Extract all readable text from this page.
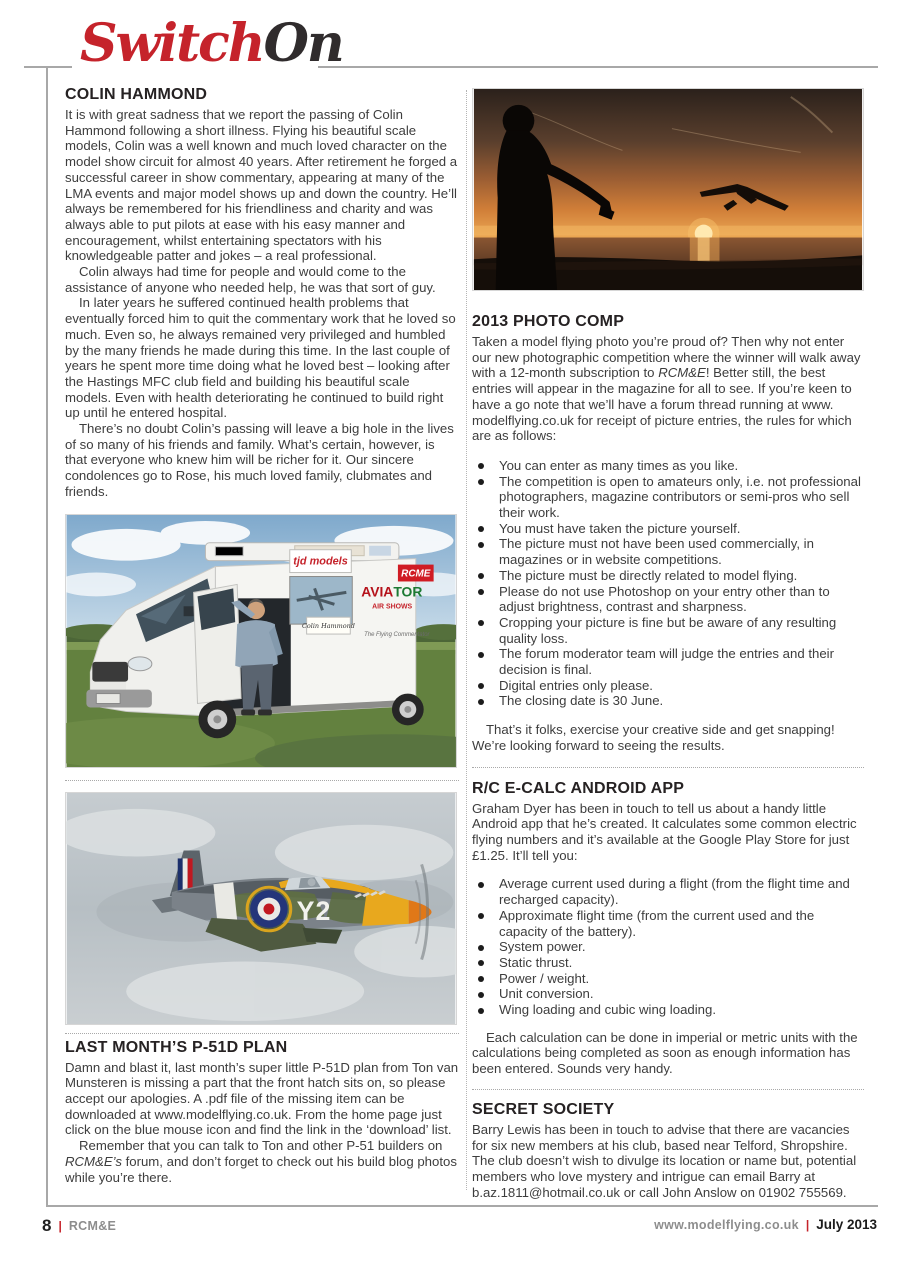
SwitchOn
COLIN HAMMOND

It is with great sadness that we report the passing of Colin Hammond following a short illness. Flying his beautiful scale models, Colin was a well known and much loved character on the model show circuit for almost 40 years. After retirement he forged a successful career in show commentary, appearing at many of the LMA events and major model shows up and down the country. He’ll always be remembered for his friendliness and charity and was always able to put pilots at ease with his easy manner and encouragement, whilst entertaining spectators with his knowledgeable patter and jokes – a real professional.

Colin always had time for people and would come to the assistance of anyone who needed help, he was that sort of guy.

In later years he suffered continued health problems that eventually forced him to quit the commentary work that he loved so much. Even so, he always remained very privileged and humbled by the many friends he made during this time. In the last couple of years he spent more time doing what he loved best – looking after the Hastings MFC club field and building his beautiful scale models. Even with health deteriorating he continued to build right up until he entered hospital.

There’s no doubt Colin’s passing will leave a big hole in the lives of so many of his friends and family. What’s certain, however, is that everyone who knew him will be richer for it. Our sincere condolences go to Rose, his much loved family, clubmates and friends.

tjd models
RCME
AVIATOR
AIR SHOWS
Colin Hammond
The Flying Commentator
Y2
LAST MONTH’S P-51D PLAN

Damn and blast it, last month’s super little P-51D plan from Ton van Munsteren is missing a part that the front hatch sits on, so please accept our apologies. A .pdf file of the missing item can be downloaded at www.modelflying.co.uk. From the home page just click on the blue mouse icon and find the link in the ‘download’ list.

Remember that you can talk to Ton and other P-51 builders on RCM&E’s forum, and don’t forget to check out his build blog photos while you’re there.

2013 PHOTO COMP

Taken a model flying photo you’re proud of? Then why not enter our new photographic competition where the winner will walk away with a 12-month subscription to RCM&E! Better still, the best entries will appear in the magazine for all to see. If you’re keen to have a go note that we’ll have a forum thread running at www. modelflying.co.uk for receipt of picture entries, the rules for which are as follows:

You can enter as many times as you like.
The competition is open to amateurs only, i.e. not professional photographers, magazine contributors or semi-pros who sell their work.
You must have taken the picture yourself.
The picture must not have been used commercially, in magazines or in website competitions.
The picture must be directly related to model flying.
Please do not use Photoshop on your entry other than to adjust brightness, contrast and sharpness.
Cropping your picture is fine but be aware of any resulting quality loss.
The forum moderator team will judge the entries and their decision is final.
Digital entries only please.
The closing date is 30 June.

That’s it folks, exercise your creative side and get snapping!

We’re looking forward to seeing the results.

R/C E-CALC ANDROID APP

Graham Dyer has been in touch to tell us about a handy little Android app that he’s created. It calculates some common electric flying numbers and it’s available at the Google Play Store for just £1.25. It’ll tell you:

Average current used during a flight (from the flight time and recharged capacity).
Approximate flight time (from the current used and the capacity of the battery).
System power.
Static thrust.
Power / weight.
Unit conversion.
Wing loading and cubic wing loading.

Each calculation can be done in imperial or metric units with the calculations being completed as soon as enough information has been entered. Sounds very handy.

SECRET SOCIETY

Barry Lewis has been in touch to advise that there are vacancies for six new members at his club, based near Telford, Shropshire. The club doesn’t wish to divulge its location or name but, potential members who love mystery and intrigue can email Barry at b.az.1811@hotmail.co.uk or call John Anslow on 01902 755569.

8 | RCM&E	www.modelflying.co.uk | July 2013
